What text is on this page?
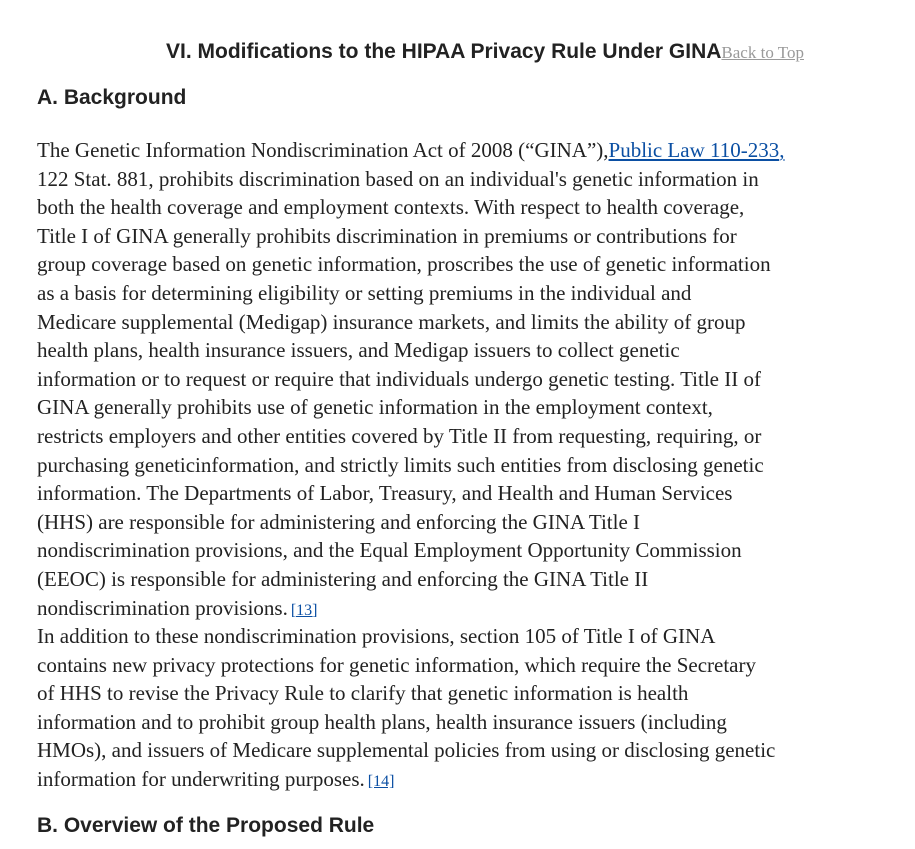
VI. Modifications to the HIPAA Privacy Rule Under GINABack to Top
A. Background
The Genetic Information Nondiscrimination Act of 2008 (“GINA”),Public Law 110-233,
122 Stat. 881, prohibits discrimination based on an individual's genetic information in
both the health coverage and employment contexts. With respect to health coverage,
Title I of GINA generally prohibits discrimination in premiums or contributions for
group coverage based on genetic information, proscribes the use of genetic information
as a basis for determining eligibility or setting premiums in the individual and
Medicare supplemental (Medigap) insurance markets, and limits the ability of group
health plans, health insurance issuers, and Medigap issuers to collect genetic
information or to request or require that individuals undergo genetic testing. Title II of
GINA generally prohibits use of genetic information in the employment context,
restricts employers and other entities covered by Title II from requesting, requiring, or
purchasing geneticinformation, and strictly limits such entities from disclosing genetic
information. The Departments of Labor, Treasury, and Health and Human Services
(HHS) are responsible for administering and enforcing the GINA Title I
nondiscrimination provisions, and the Equal Employment Opportunity Commission
(EEOC) is responsible for administering and enforcing the GINA Title II
nondiscrimination provisions. [13]
In addition to these nondiscrimination provisions, section 105 of Title I of GINA
contains new privacy protections for genetic information, which require the Secretary
of HHS to revise the Privacy Rule to clarify that genetic information is health
information and to prohibit group health plans, health insurance issuers (including
HMOs), and issuers of Medicare supplemental policies from using or disclosing genetic
information for underwriting purposes. [14]
B. Overview of the Proposed Rule
